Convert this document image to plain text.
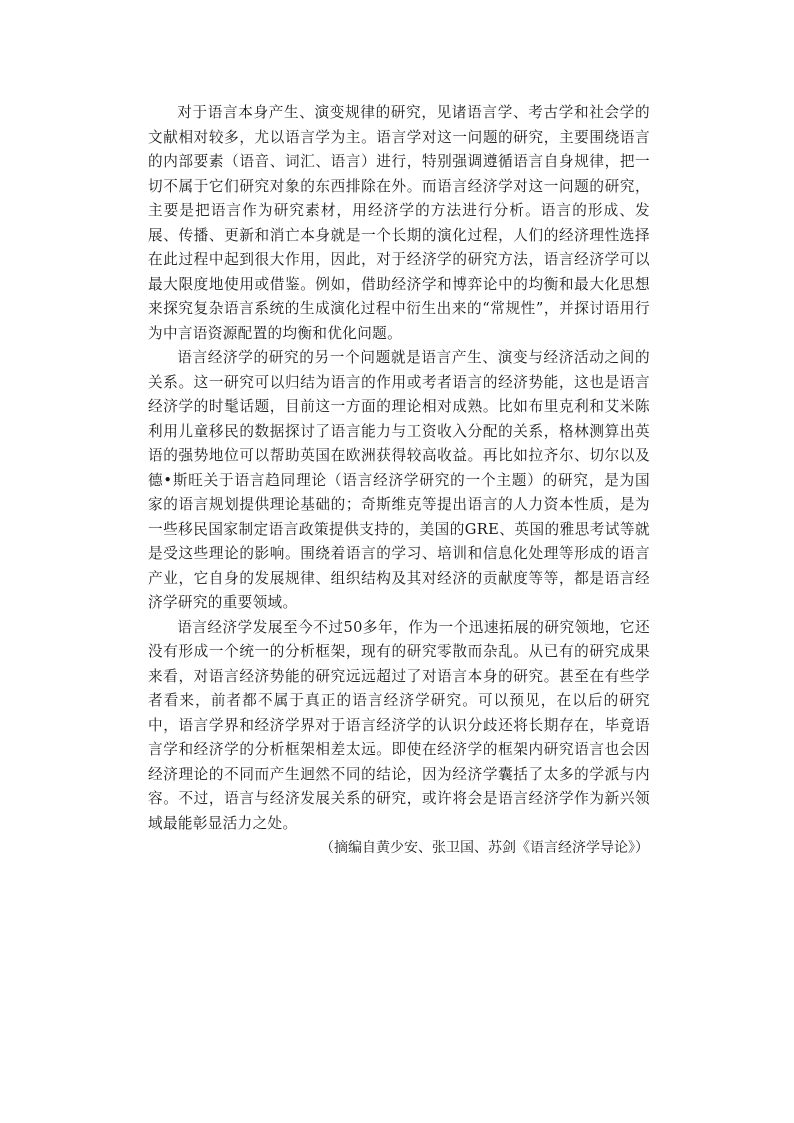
对于语言本身产生、演变规律的研究，见诸语言学、考古学和社会学的文献相对较多，尤以语言学为主。语言学对这一问题的研究，主要围绕语言的内部要素（语音、词汇、语言）进行，特别强调遵循语言自身规律，把一切不属于它们研究对象的东西排除在外。而语言经济学对这一问题的研究，主要是把语言作为研究素材，用经济学的方法进行分析。语言的形成、发展、传播、更新和消亡本身就是一个长期的演化过程，人们的经济理性选择在此过程中起到很大作用，因此，对于经济学的研究方法，语言经济学可以最大限度地使用或借鉴。例如，借助经济学和博弈论中的均衡和最大化思想来探究复杂语言系统的生成演化过程中衍生出来的“常规性”，并探讨语用行为中言语资源配置的均衡和优化问题。

语言经济学的研究的另一个问题就是语言产生、演变与经济活动之间的关系。这一研究可以归结为语言的作用或考者语言的经济势能，这也是语言经济学的时髦话题，目前这一方面的理论相对成熟。比如布里克利和艾米陈利用儿童移民的数据探讨了语言能力与工资收入分配的关系，格林测算出英语的强势地位可以帮助英国在欧洲获得较高收益。再比如拉齐尔、切尔以及德•斯旺关于语言趋同理论（语言经济学研究的一个主题）的研究，是为国家的语言规划提供理论基础的；奇斯维克等提出语言的人力资本性质，是为一些移民国家制定语言政策提供支持的，美国的GRE、英国的雅思考试等就是受这些理论的影响。围绕着语言的学习、培训和信息化处理等形成的语言产业，它自身的发展规律、组织结构及其对经济的贡献度等等，都是语言经济学研究的重要领域。

语言经济学发展至今不过50多年，作为一个迅速拓展的研究领地，它还没有形成一个统一的分析框架，现有的研究零散而杂乱。从已有的研究成果来看，对语言经济势能的研究远远超过了对语言本身的研究。甚至在有些学者看来，前者都不属于真正的语言经济学研究。可以预见，在以后的研究中，语言学界和经济学界对于语言经济学的认识分歧还将长期存在，毕竟语言学和经济学的分析框架相差太远。即使在经济学的框架内研究语言也会因经济理论的不同而产生迥然不同的结论，因为经济学囊括了太多的学派与内容。不过，语言与经济发展关系的研究，或许将会是语言经济学作为新兴领域最能彰显活力之处。

（摘编自黄少安、张卫国、苏剑《语言经济学导论》）
